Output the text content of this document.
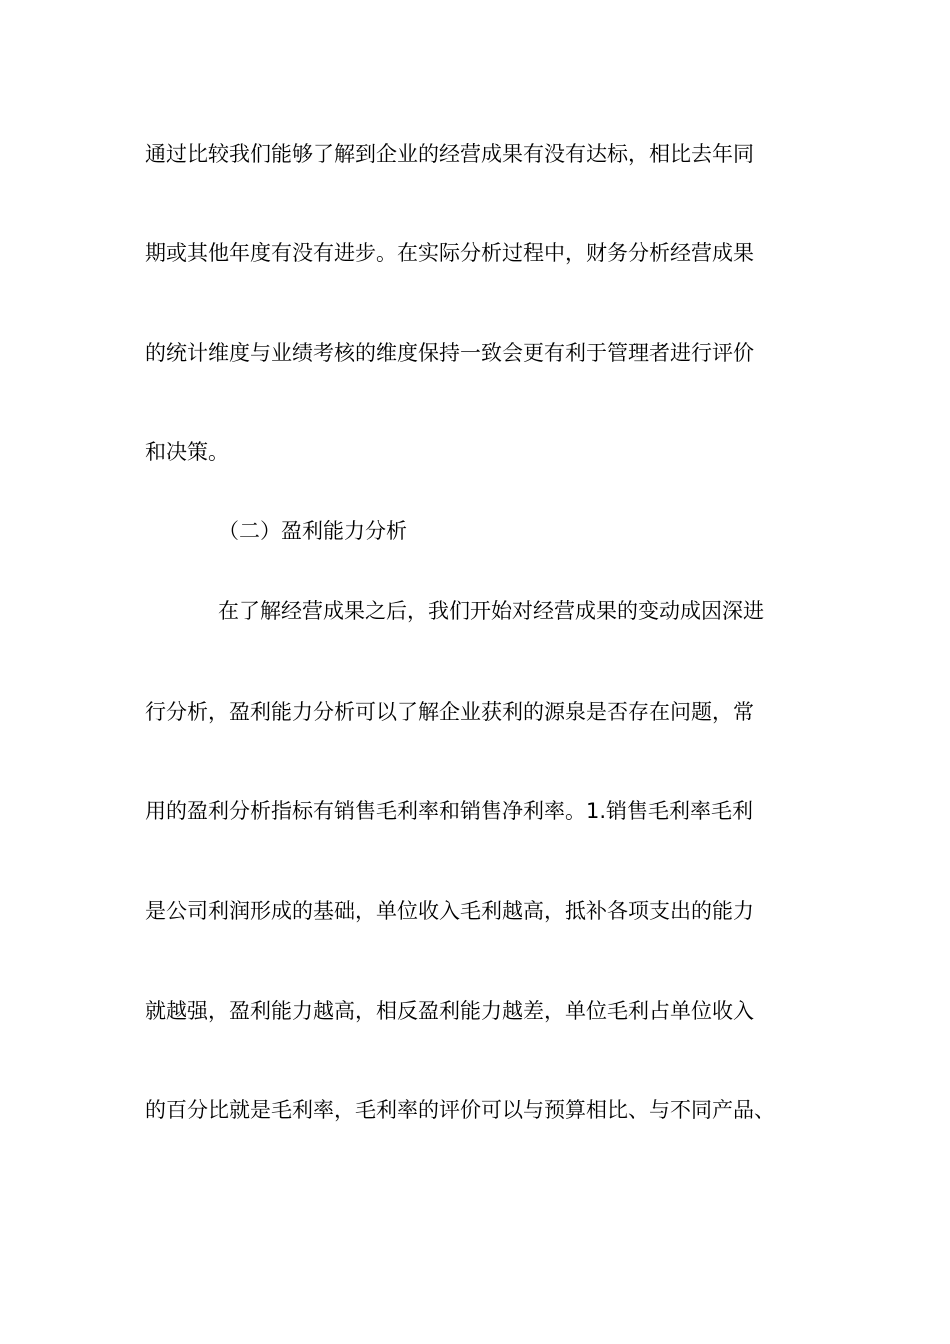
通过比较我们能够了解到企业的经营成果有没有达标，相比去年同
期或其他年度有没有进步。在实际分析过程中，财务分析经营成果
的统计维度与业绩考核的维度保持一致会更有利于管理者进行评价
和决策。
（二）盈利能力分析
在了解经营成果之后，我们开始对经营成果的变动成因深进
行分析，盈利能力分析可以了解企业获利的源泉是否存在问题，常
用的盈利分析指标有销售毛利率和销售净利率。1.销售毛利率毛利
是公司利润形成的基础，单位收入毛利越高，抵补各项支出的能力
就越强，盈利能力越高，相反盈利能力越差，单位毛利占单位收入
的百分比就是毛利率，毛利率的评价可以与预算相比、与不同产品、
